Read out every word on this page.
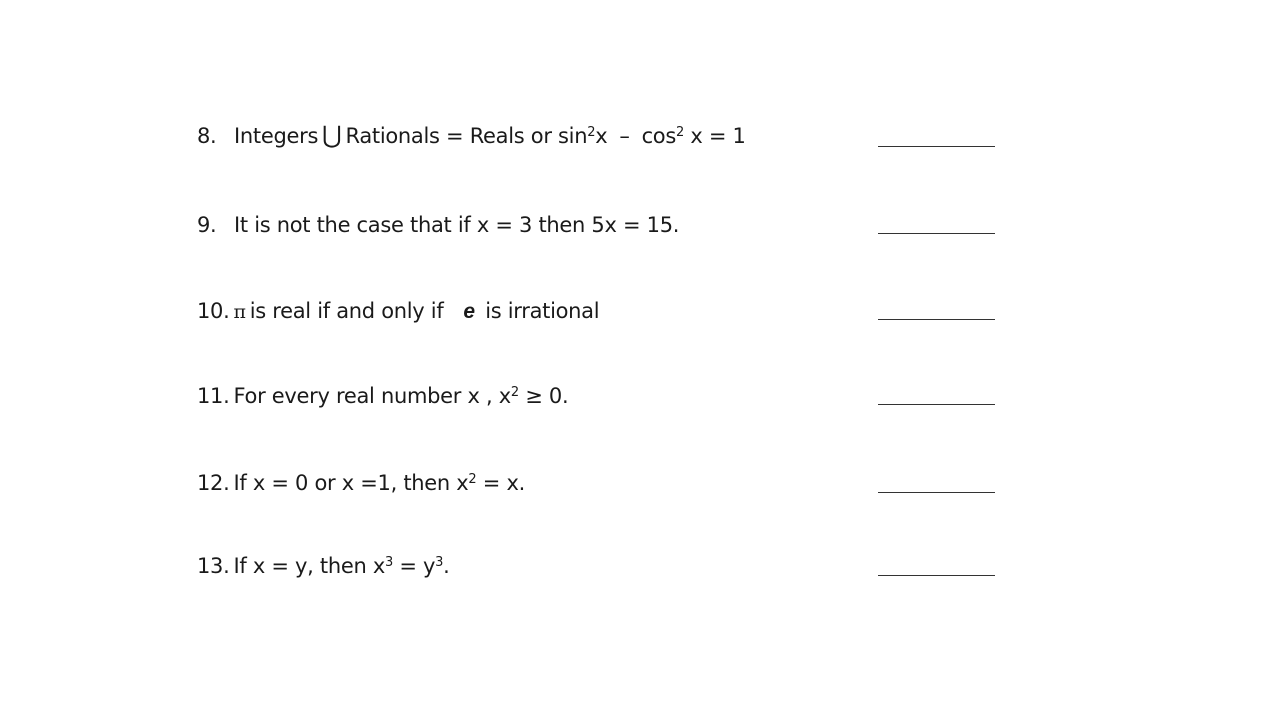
8. Integers ⋃ Rationals = Reals or $\sin^2x - \cos^2 x = 1$
9. It is not the case that if x = 3 then 5x = 15.
10. π is real if and only if e is irrational
11. For every real number x , $x^2 \ge 0$.
12. If x = 0 or x =1, then $x^2 = x$.
13. If x = y, then $x^3 = y^3$.
